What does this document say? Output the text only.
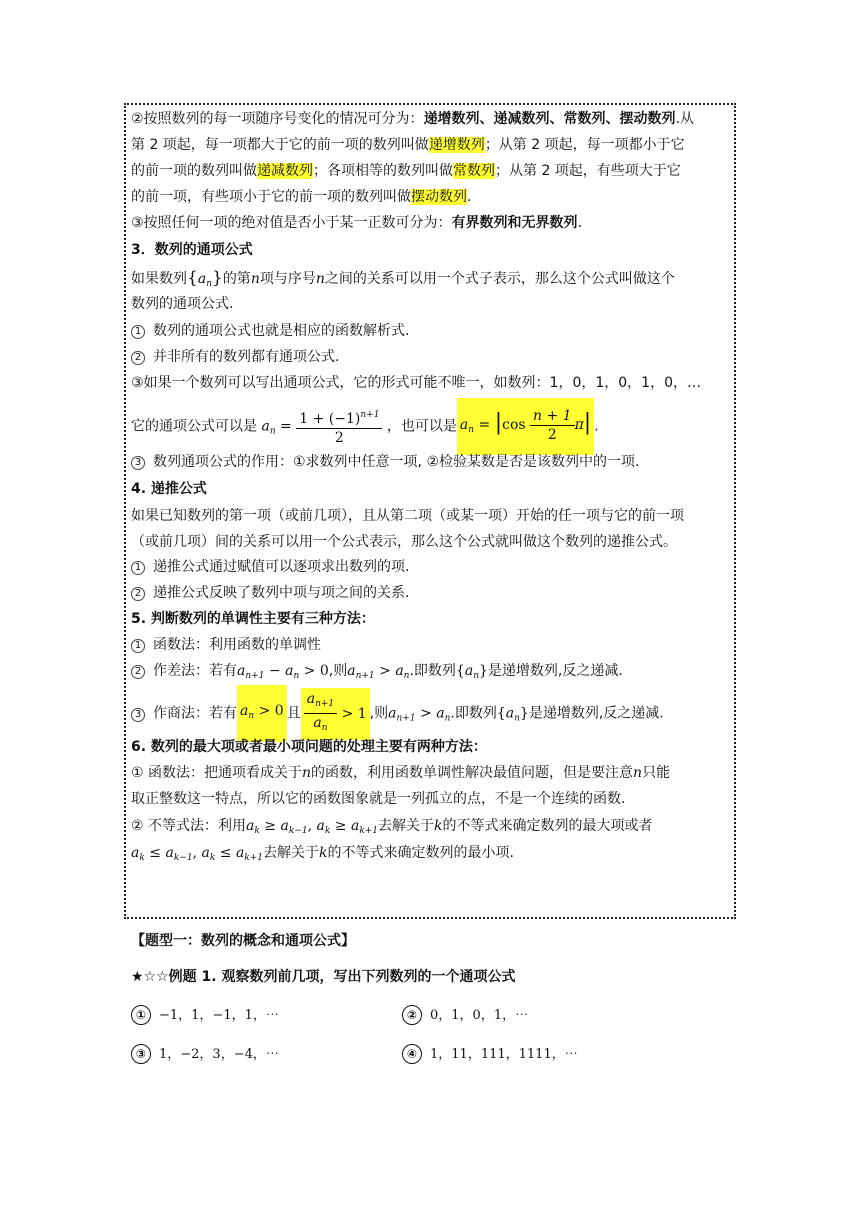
②按照数列的每一项随序号变化的情况可分为：递增数列、递减数列、常数列、摆动数列.从
第 2 项起，每一项都大于它的前一项的数列叫做递增数列；从第 2 项起，每一项都小于它
的前一项的数列叫做递减数列；各项相等的数列叫做常数列；从第 2 项起，有些项大于它
的前一项，有些项小于它的前一项的数列叫做摆动数列.
③按照任何一项的绝对值是否小于某一正数可分为：有界数列和无界数列.
3．数列的通项公式
如果数列$\{a_n\}$的第n项与序号n之间的关系可以用一个式子表示，那么这个公式叫做这个
数列的通项公式.
1 数列的通项公式也就是相应的函数解析式.
2 并非所有的数列都有通项公式.
③如果一个数列可以写出通项公式，它的形式可能不唯一，如数列：1，0，1，0，1，0，…
它的通项公式可以是 $a_n = \frac{1 + (-1)^{n+1}}{2}$ ，也可以是 $a_n = |\cos \frac{n + 1}{2} \pi|$ .
3 数列通项公式的作用：①求数列中任意一项, ②检验某数是否是该数列中的一项.
4. 递推公式
如果已知数列的第一项（或前几项），且从第二项（或某一项）开始的任一项与它的前一项
（或前几项）间的关系可以用一个公式表示，那么这个公式就叫做这个数列的递推公式。
1 递推公式通过赋值可以逐项求出数列的项.
2 递推公式反映了数列中项与项之间的关系.
5. 判断数列的单调性主要有三种方法：
1 函数法：利用函数的单调性
2 作差法：若有$a_{n+1} - a_n > 0$,则$a_{n+1} > a_n$.即数列$\{a_n\}$是递增数列,反之递减.
3 作商法：若有 $a_n > 0$ 且 $\frac{a_{n+1}}{a_n} > 1$ ,则$a_{n+1} > a_n$.即数列$\{a_n\}$是递增数列,反之递减.
6. 数列的最大项或者最小项问题的处理主要有两种方法：
① 函数法：把通项看成关于n的函数，利用函数单调性解决最值问题，但是要注意n只能
取正整数这一特点，所以它的函数图象就是一列孤立的点，不是一个连续的函数.
② 不等式法：利用$a_k \ge a_{k-1}$, $a_k \ge a_{k+1}$去解关于k的不等式来确定数列的最大项或者
$a_k \le a_{k-1}$, $a_k \le a_{k+1}$去解关于k的不等式来确定数列的最小项.
【题型一：数列的概念和通项公式】
★☆☆例题 1. 观察数列前几项，写出下列数列的一个通项公式
① −1，1，−1，1，⋯	② 0，1，0，1，⋯
③ 1，−2，3，−4，⋯	④ 1，11，111，1111，⋯
